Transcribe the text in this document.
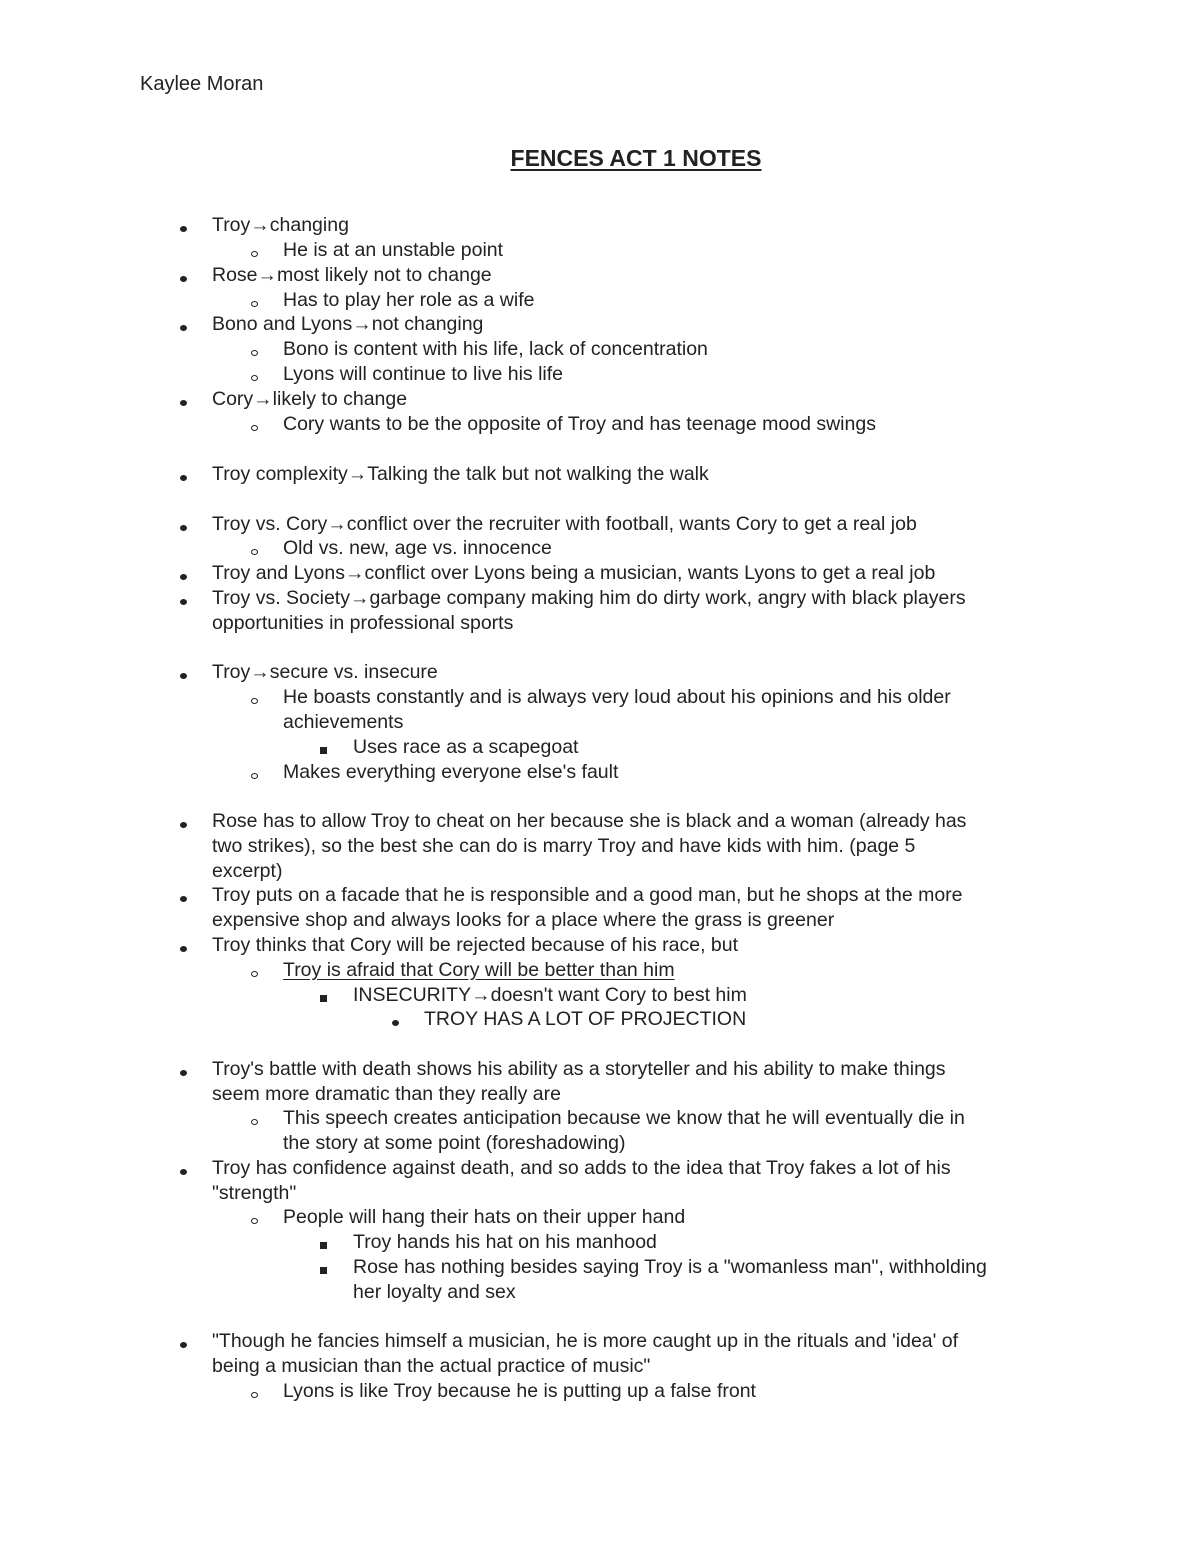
Kaylee Moran
FENCES ACT 1 NOTES
Troy→changing
He is at an unstable point
Rose→most likely not to change
Has to play her role as a wife
Bono and Lyons→not changing
Bono is content with his life, lack of concentration
Lyons will continue to live his life
Cory→likely to change
Cory wants to be the opposite of Troy and has teenage mood swings
Troy complexity→Talking the talk but not walking the walk
Troy vs. Cory→conflict over the recruiter with football, wants Cory to get a real job
Old vs. new, age vs. innocence
Troy and Lyons→conflict over Lyons being a musician, wants Lyons to get a real job
Troy vs. Society→garbage company making him do dirty work, angry with black players
opportunities in professional sports
Troy→secure vs. insecure
He boasts constantly and is always very loud about his opinions and his older
achievements
Uses race as a scapegoat
Makes everything everyone else's fault
Rose has to allow Troy to cheat on her because she is black and a woman (already has
two strikes), so the best she can do is marry Troy and have kids with him. (page 5
excerpt)
Troy puts on a facade that he is responsible and a good man, but he shops at the more
expensive shop and always looks for a place where the grass is greener
Troy thinks that Cory will be rejected because of his race, but
Troy is afraid that Cory will be better than him
INSECURITY→doesn't want Cory to best him
TROY HAS A LOT OF PROJECTION
Troy's battle with death shows his ability as a storyteller and his ability to make things
seem more dramatic than they really are
This speech creates anticipation because we know that he will eventually die in
the story at some point (foreshadowing)
Troy has confidence against death, and so adds to the idea that Troy fakes a lot of his
"strength"
People will hang their hats on their upper hand
Troy hands his hat on his manhood
Rose has nothing besides saying Troy is a "womanless man", withholding
her loyalty and sex
"Though he fancies himself a musician, he is more caught up in the rituals and 'idea' of
being a musician than the actual practice of music"
Lyons is like Troy because he is putting up a false front
